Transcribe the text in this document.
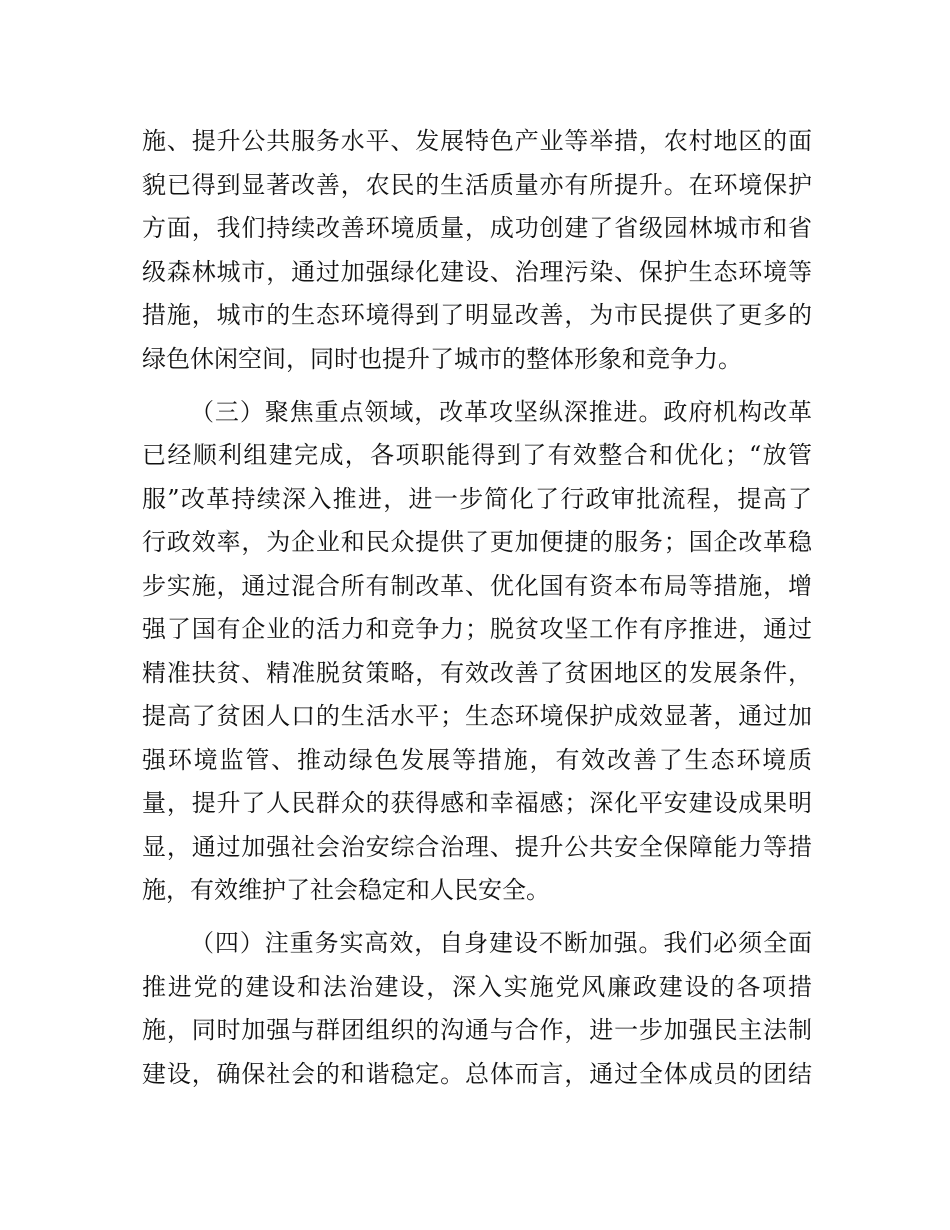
施、提升公共服务水平、发展特色产业等举措，农村地区的面
貌已得到显著改善，农民的生活质量亦有所提升。在环境保护
方面，我们持续改善环境质量，成功创建了省级园林城市和省
级森林城市，通过加强绿化建设、治理污染、保护生态环境等
措施，城市的生态环境得到了明显改善，为市民提供了更多的
绿色休闲空间，同时也提升了城市的整体形象和竞争力。
（三）聚焦重点领域，改革攻坚纵深推进。政府机构改革
已经顺利组建完成，各项职能得到了有效整合和优化；“放管
服”改革持续深入推进，进一步简化了行政审批流程，提高了
行政效率，为企业和民众提供了更加便捷的服务；国企改革稳
步实施，通过混合所有制改革、优化国有资本布局等措施，增
强了国有企业的活力和竞争力；脱贫攻坚工作有序推进，通过
精准扶贫、精准脱贫策略，有效改善了贫困地区的发展条件，
提高了贫困人口的生活水平；生态环境保护成效显著，通过加
强环境监管、推动绿色发展等措施，有效改善了生态环境质
量，提升了人民群众的获得感和幸福感；深化平安建设成果明
显，通过加强社会治安综合治理、提升公共安全保障能力等措
施，有效维护了社会稳定和人民安全。
（四）注重务实高效，自身建设不断加强。我们必须全面
推进党的建设和法治建设，深入实施党风廉政建设的各项措
施，同时加强与群团组织的沟通与合作，进一步加强民主法制
建设，确保社会的和谐稳定。总体而言，通过全体成员的团结
